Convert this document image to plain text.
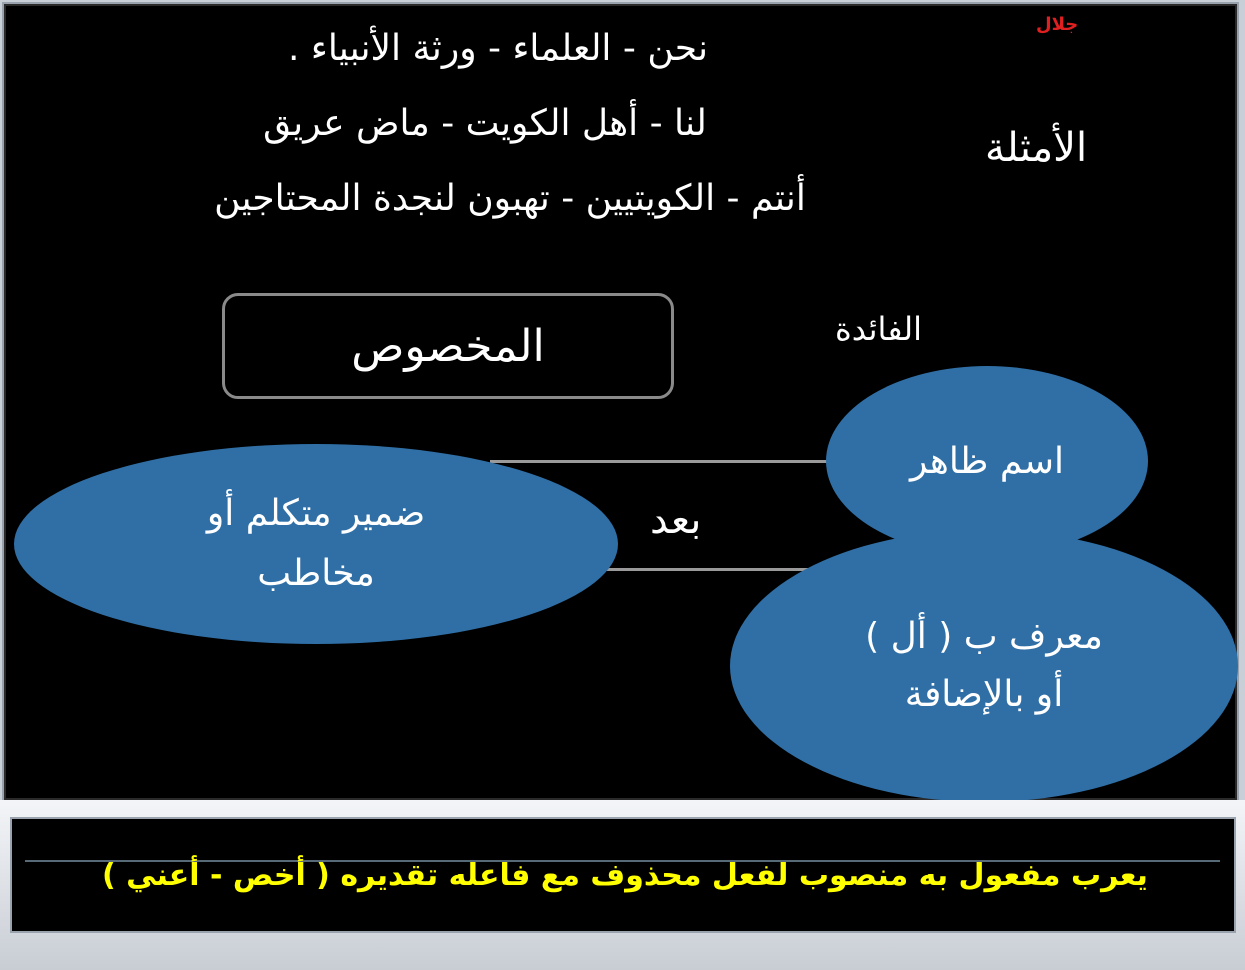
جلال
نحن - العلماء - ورثة الأنبياء .
لنا - أهل الكويت - ماض عريق
أنتم - الكويتيين - تهبون لنجدة المحتاجين
الأمثلة
الفائدة
المخصوص
بعد
معرف ب ( أل )
أو بالإضافة
اسم ظاهر
ضمير متكلم أو
مخاطب
يعرب مفعول به منصوب لفعل محذوف مع فاعله تقديره ( أخص - أعني )
